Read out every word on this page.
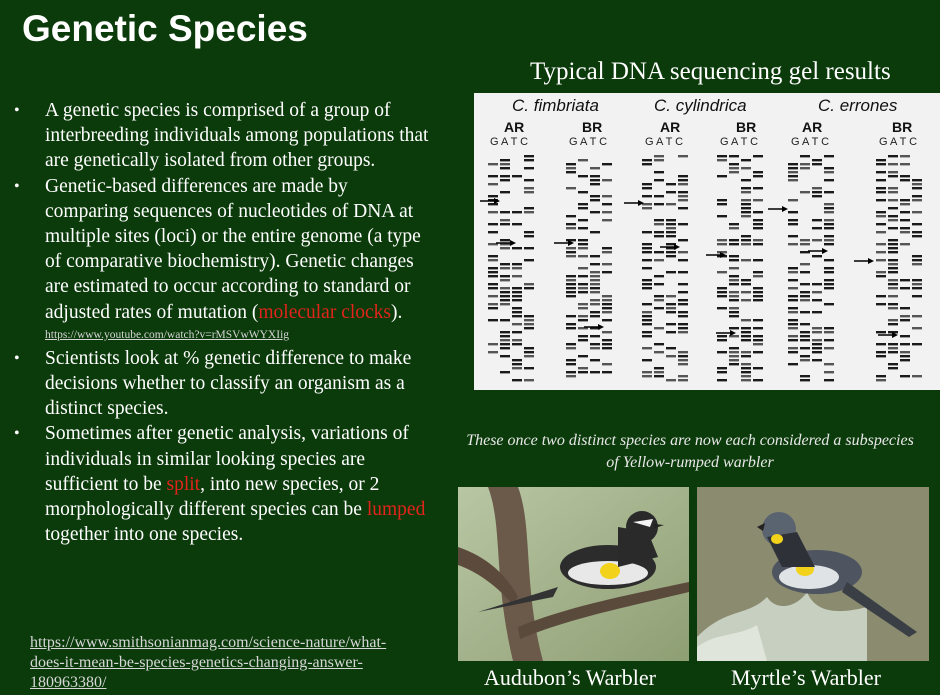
Genetic Species
•	A genetic species is comprised of a group of interbreeding individuals among populations that are genetically isolated from other groups.
•	Genetic-based differences are made by comparing sequences of nucleotides of DNA at multiple sites (loci) or the entire genome (a type of comparative biochemistry). Genetic changes are estimated to occur according to standard or adjusted rates of mutation (molecular clocks).
https://www.youtube.com/watch?v=rMSVwWYXIig
•	Scientists look at % genetic difference to make decisions whether to classify an organism as a distinct species.
•	Sometimes after genetic analysis, variations of individuals in similar looking species are sufficient to be split, into new species, or 2 morphologically different species can be lumped together into one species.
https://www.smithsonianmag.com/science-nature/what-does-it-mean-be-species-genetics-changing-answer-180963380/
Typical DNA sequencing gel results
C. fimbriata	C. cylindrica	C. errones
AR	BR	AR	BR	AR	BR
G A T C	G A T C	G A T C	G A T C	G A T C	G A T C
These once two distinct species are now each considered a subspecies of Yellow-rumped warbler
Audubon’s Warbler	Myrtle’s Warbler
